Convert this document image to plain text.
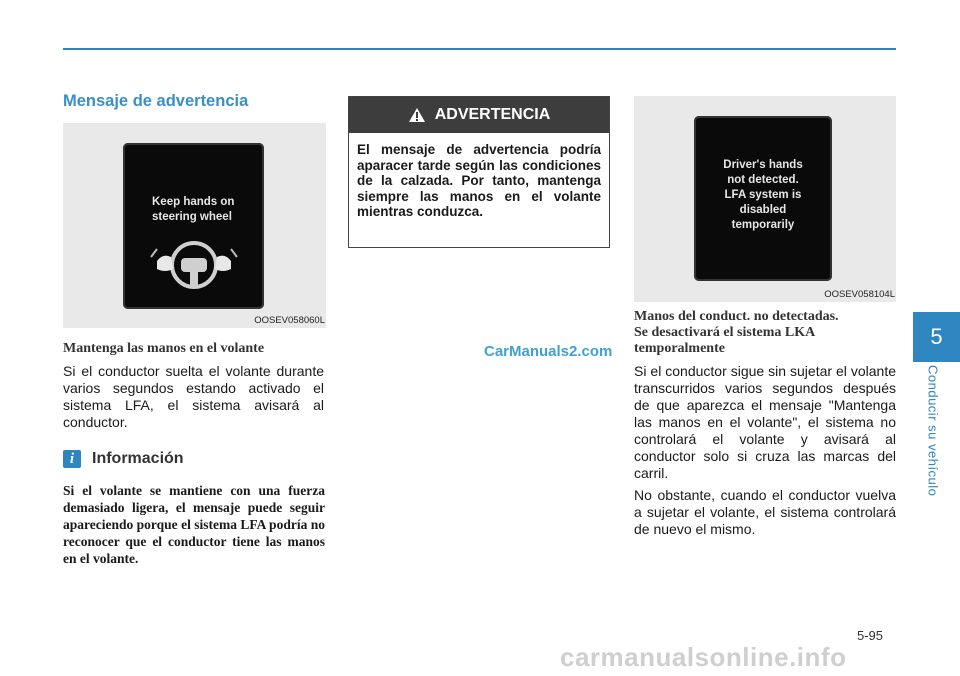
5
Conducir su vehículo
Mensaje de advertencia
Keep hands on
steering wheel
OOSEV058060L
Mantenga las manos en el volante
Si el conductor suelta el volante durante varios segundos estando activado el sistema LFA, el sistema avisará al conductor.
i	Información
Si el volante se mantiene con una fuerza demasiado ligera, el mensaje puede seguir apareciendo porque el sistema LFA podría no reconocer que el conductor tiene las manos en el volante.
ADVERTENCIA
El mensaje de advertencia podría aparacer tarde según las condiciones de la calzada. Por tanto, mantenga siempre las manos en el volante mientras conduzca.
CarManuals2.com
Driver's hands
not detected.
LFA system is
disabled
temporarily
OOSEV058104L
Manos del conduct. no detectadas.
Se desactivará el sistema LKA
temporalmente
Si el conductor sigue sin sujetar el volante transcurridos varios segundos después de que aparezca el mensaje "Mantenga las manos en el volante", el sistema no controlará el volante y avisará al conductor solo si cruza las marcas del carril.
No obstante, cuando el conductor vuelva a sujetar el volante, el sistema controlará de nuevo el mismo.
5-95
carmanualsonline.info
